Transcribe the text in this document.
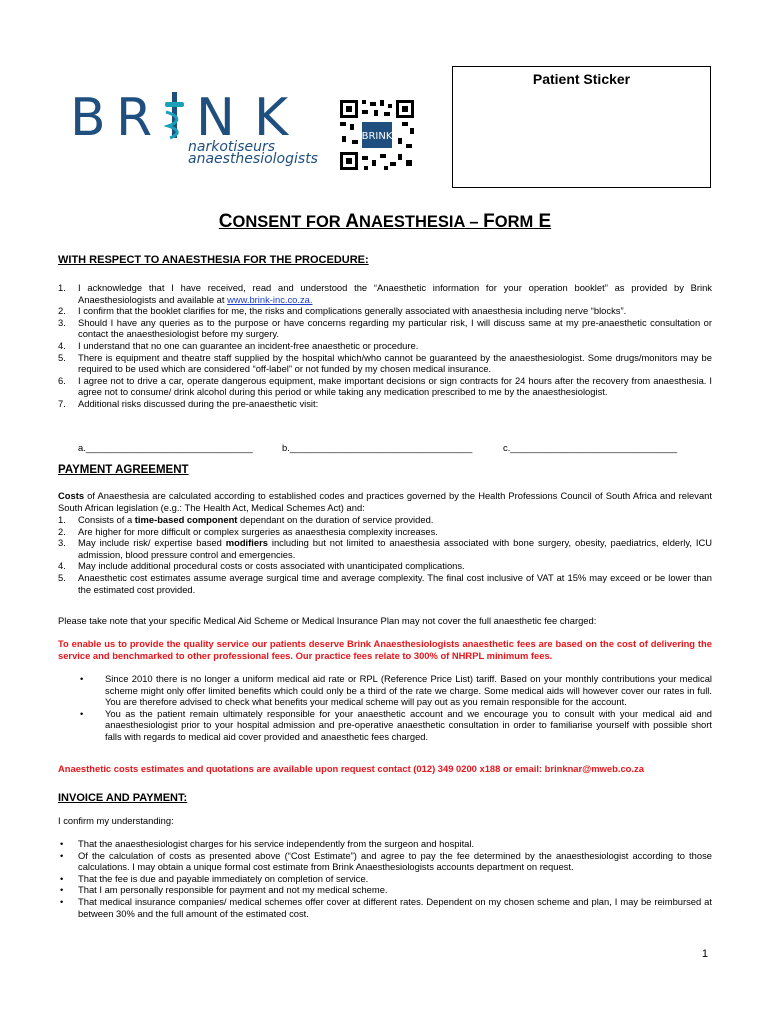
Patient Sticker
B R N K
narkotiseurs
anaesthesiologists
BRINK
CONSENT FOR ANAESTHESIA – FORM E
WITH RESPECT TO ANAESTHESIA FOR THE PROCEDURE:
1. I acknowledge that I have received, read and understood the “Anaesthetic information for your operation booklet” as provided by Brink Anaesthesiologists and available at www.brink-inc.co.za.
2. I confirm that the booklet clarifies for me, the risks and complications generally associated with anaesthesia including nerve “blocks”.
3. Should I have any queries as to the purpose or have concerns regarding my particular risk, I will discuss same at my pre-anaesthetic consultation or contact the anaesthesiologist before my surgery.
4. I understand that no one can guarantee an incident-free anaesthetic or procedure.
5. There is equipment and theatre staff supplied by the hospital which/who cannot be guaranteed by the anaesthesiologist. Some drugs/monitors may be required to be used which are considered “off-label” or not funded by my chosen medical insurance.
6. I agree not to drive a car, operate dangerous equipment, make important decisions or sign contracts for 24 hours after the recovery from anaesthesia. I agree not to consume/ drink alcohol during this period or while taking any medication prescribed to me by the anaesthesiologist.
7. Additional risks discussed during the pre-anaesthetic visit:
a.________________________________	b.___________________________________	c.________________________________
PAYMENT AGREEMENT
Costs of Anaesthesia are calculated according to established codes and practices governed by the Health Professions Council of South Africa and relevant South African legislation (e.g.: The Health Act, Medical Schemes Act) and:
1. Consists of a time-based component dependant on the duration of service provided.
2. Are higher for more difficult or complex surgeries as anaesthesia complexity increases.
3. May include risk/ expertise based modifiers including but not limited to anaesthesia associated with bone surgery, obesity, paediatrics, elderly, ICU admission, blood pressure control and emergencies.
4. May include additional procedural costs or costs associated with unanticipated complications.
5. Anaesthetic cost estimates assume average surgical time and average complexity. The final cost inclusive of VAT at 15% may exceed or be lower than the estimated cost provided.
Please take note that your specific Medical Aid Scheme or Medical Insurance Plan may not cover the full anaesthetic fee charged:
To enable us to provide the quality service our patients deserve Brink Anaesthesiologists anaesthetic fees are based on the cost of delivering the service and benchmarked to other professional fees. Our practice fees relate to 300% of NHRPL minimum fees.
• Since 2010 there is no longer a uniform medical aid rate or RPL (Reference Price List) tariff. Based on your monthly contributions your medical scheme might only offer limited benefits which could only be a third of the rate we charge. Some medical aids will however cover our rates in full. You are therefore advised to check what benefits your medical scheme will pay out as you remain responsible for the account.
• You as the patient remain ultimately responsible for your anaesthetic account and we encourage you to consult with your medical aid and anaesthesiologist prior to your hospital admission and pre-operative anaesthetic consultation in order to familiarise yourself with possible short falls with regards to medical aid cover provided and anaesthetic fees charged.
Anaesthetic costs estimates and quotations are available upon request contact (012) 349 0200 x188 or email: brinknar@mweb.co.za
INVOICE AND PAYMENT:
I confirm my understanding:
• That the anaesthesiologist charges for his service independently from the surgeon and hospital.
• Of the calculation of costs as presented above (“Cost Estimate”) and agree to pay the fee determined by the anaesthesiologist according to those calculations. I may obtain a unique formal cost estimate from Brink Anaesthesiologists accounts department on request.
• That the fee is due and payable immediately on completion of service.
• That I am personally responsible for payment and not my medical scheme.
• That medical insurance companies/ medical schemes offer cover at different rates. Dependent on my chosen scheme and plan, I may be reimbursed at between 30% and the full amount of the estimated cost.
1
